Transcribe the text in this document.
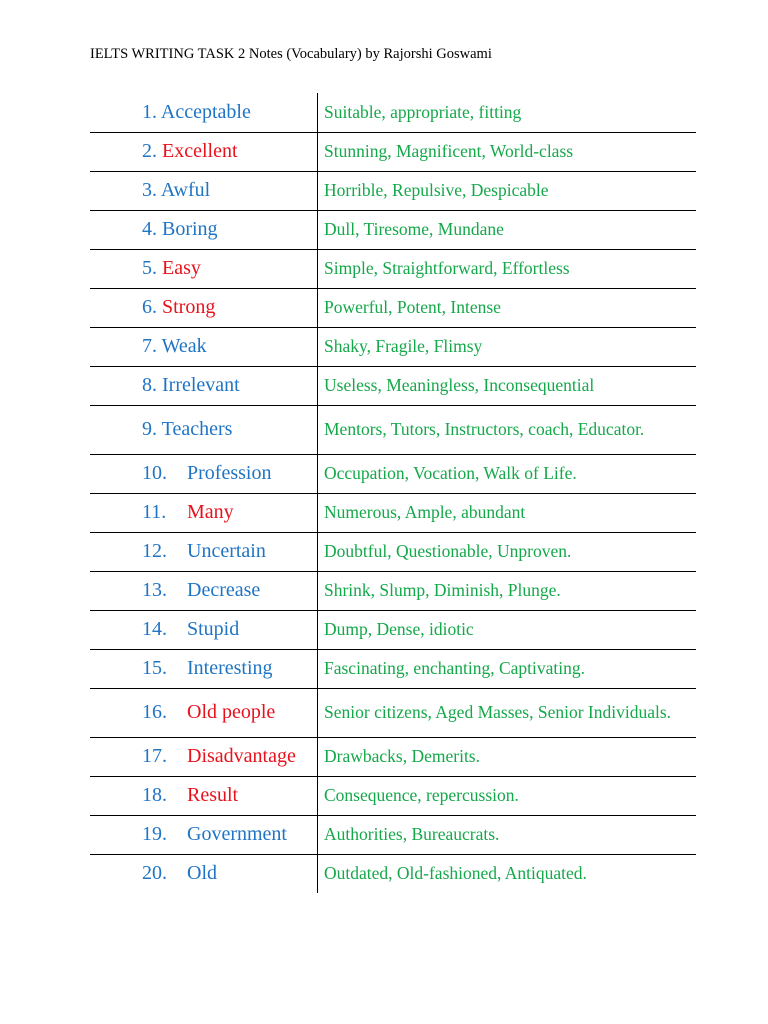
IELTS WRITING TASK 2 Notes (Vocabulary) by Rajorshi Goswami
1. Acceptable	Suitable, appropriate, fitting
2. Excellent	Stunning, Magnificent, World-class
3. Awful	Horrible, Repulsive, Despicable
4. Boring	Dull, Tiresome, Mundane
5. Easy	Simple, Straightforward, Effortless
6. Strong	Powerful, Potent, Intense
7. Weak	Shaky, Fragile, Flimsy
8. Irrelevant	Useless, Meaningless, Inconsequential
9. Teachers	Mentors, Tutors, Instructors, coach, Educator.
10. Profession	Occupation, Vocation, Walk of Life.
11. Many	Numerous, Ample, abundant
12. Uncertain	Doubtful, Questionable, Unproven.
13. Decrease	Shrink, Slump, Diminish, Plunge.
14. Stupid	Dump, Dense, idiotic
15. Interesting	Fascinating, enchanting, Captivating.
16. Old people	Senior citizens, Aged Masses, Senior Individuals.
17. Disadvantage	Drawbacks, Demerits.
18. Result	Consequence, repercussion.
19. Government	Authorities, Bureaucrats.
20. Old	Outdated, Old-fashioned, Antiquated.
